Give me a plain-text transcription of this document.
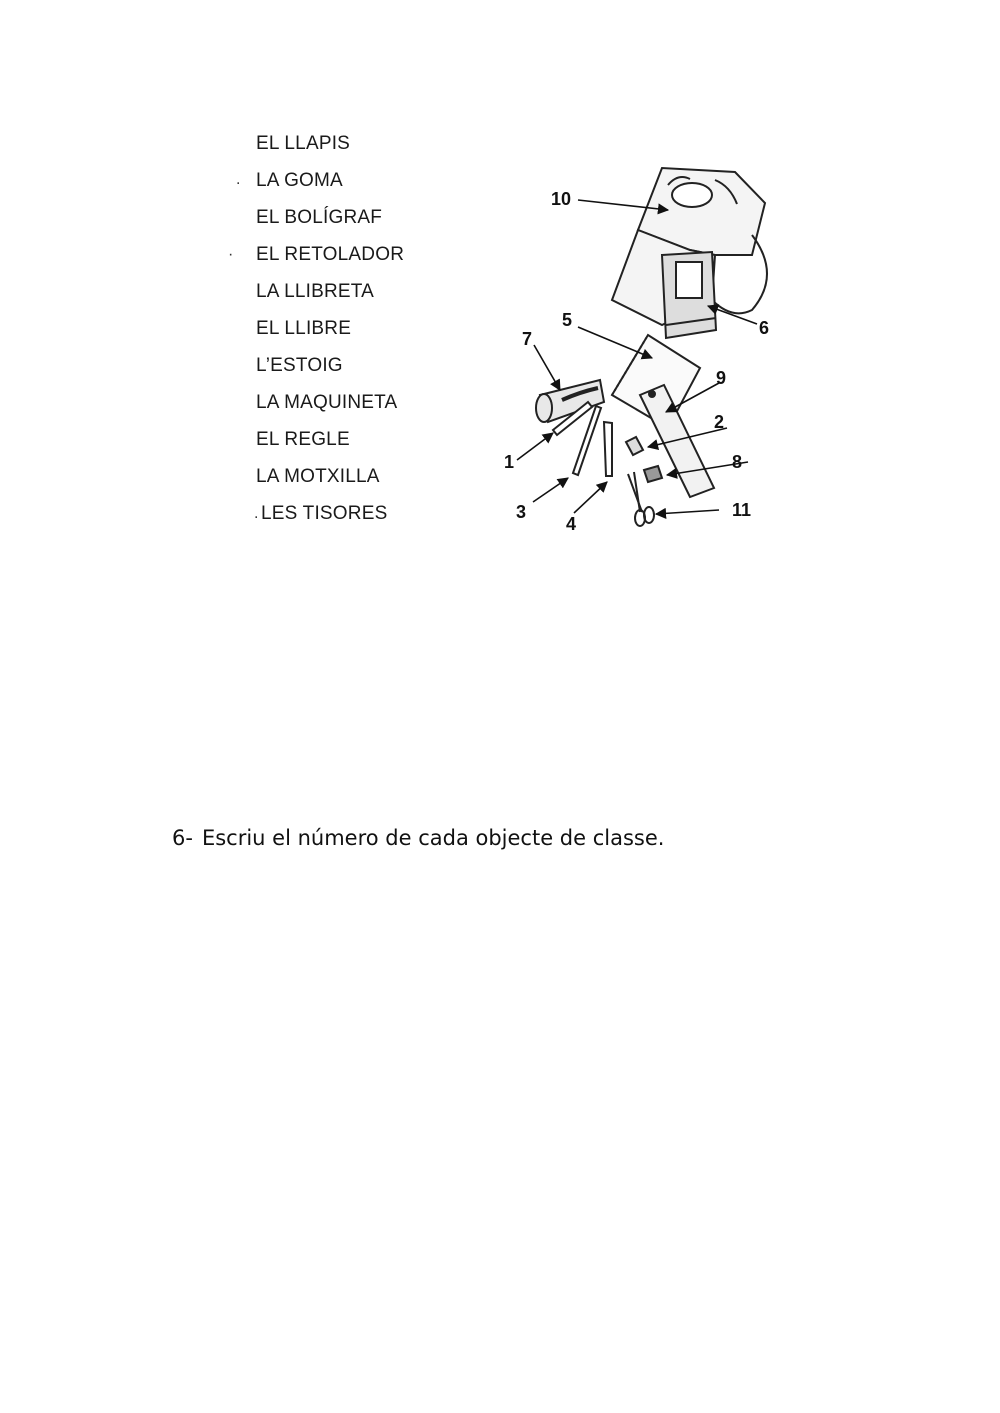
EL LLAPIS
. LA GOMA
EL BOLÍGRAF
· EL RETOLADOR
LA LLIBRETA
EL LLIBRE
L’ESTOIG
LA MAQUINETA
EL REGLE
LA MOTXILLA
. LES TISORES
1
2
3
4
5	6
7
8
9
10
11
6- Escriu el número de cada objecte de classe.
